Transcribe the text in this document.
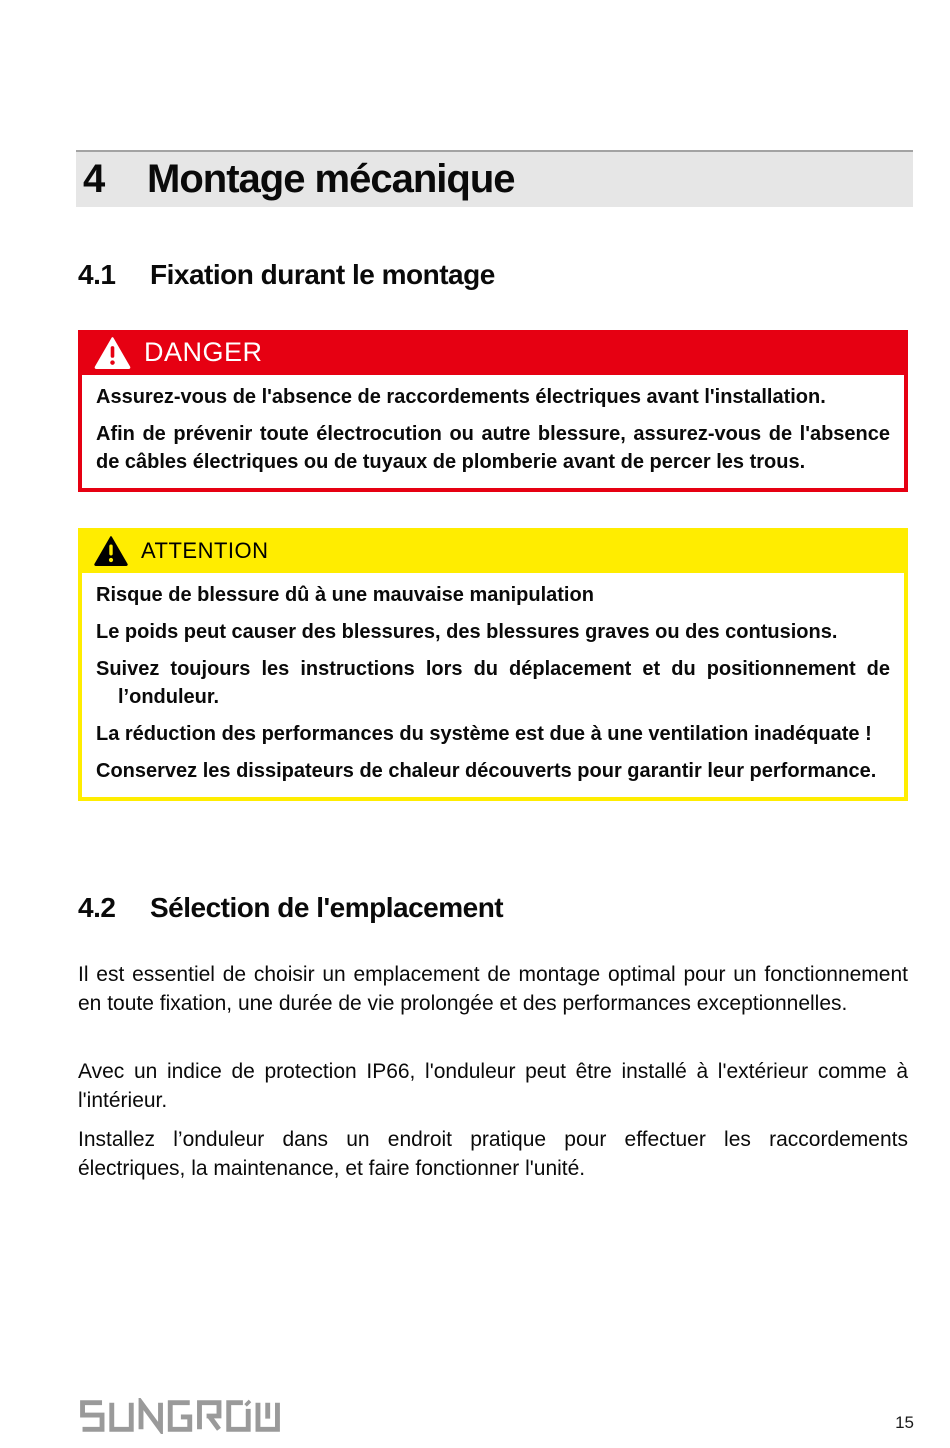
4	Montage mécanique
4.1	Fixation durant le montage
DANGER

Assurez-vous de l'absence de raccordements électriques avant l'installation.

Afin de prévenir toute électrocution ou autre blessure, assurez-vous de l'absence de câbles électriques ou de tuyaux de plomberie avant de percer les trous.

ATTENTION

Risque de blessure dû à une mauvaise manipulation

Le poids peut causer des blessures, des blessures graves ou des contusions.

Suivez toujours les instructions lors du déplacement et du positionnement de l’onduleur.

La réduction des performances du système est due à une ventilation inadéquate !

Conservez les dissipateurs de chaleur découverts pour garantir leur performance.

4.2	Sélection de l'emplacement

Il est essentiel de choisir un emplacement de montage optimal pour un fonctionnement en toute fixation, une durée de vie prolongée et des performances exceptionnelles.

Avec un indice de protection IP66, l'onduleur peut être installé à l'extérieur comme à l'intérieur.

Installez l’onduleur dans un endroit pratique pour effectuer les raccordements électriques, la maintenance, et faire fonctionner l'unité.

15
